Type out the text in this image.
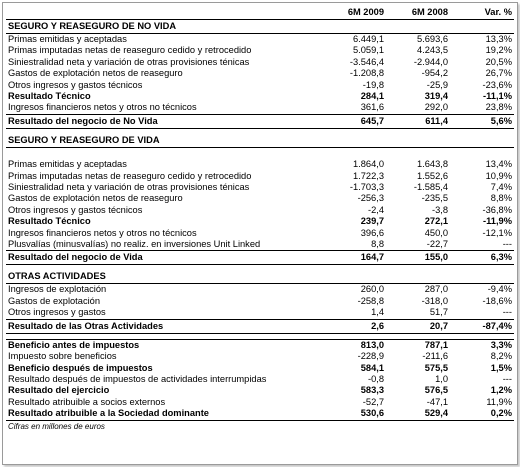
	6M 2009	6M 2008	Var. %
SEGURO Y REASEGURO DE NO VIDA			
Primas emitidas y aceptadas	6.449,1	5.693,6	13,3%
Primas imputadas netas de reaseguro cedido y retrocedido	5.059,1	4.243,5	19,2%
Siniestralidad neta y variación de otras provisiones ténicas	-3.546,4	-2.944,0	20,5%
Gastos de explotación netos de reaseguro	-1.208,8	-954,2	26,7%
Otros ingresos y gastos técnicos	-19,8	-25,9	-23,6%
Resultado Técnico	284,1	319,4	-11,1%
Ingresos financieros netos y otros no técnicos	361,6	292,0	23,8%
Resultado del negocio de No Vida	645,7	611,4	5,6%

SEGURO Y REASEGURO DE VIDA			

Primas emitidas y aceptadas	1.864,0	1.643,8	13,4%
Primas imputadas netas de reaseguro cedido y retrocedido	1.722,3	1.552,6	10,9%
Siniestralidad neta y variación de otras provisiones ténicas	-1.703,3	-1.585,4	7,4%
Gastos de explotación netos de reaseguro	-256,3	-235,5	8,8%
Otros ingresos y gastos técnicos	-2,4	-3,8	-36,8%
Resultado Técnico	239,7	272,1	-11,9%
Ingresos financieros netos y otros no técnicos	396,6	450,0	-12,1%
Plusvalías (minusvalías) no realiz. en inversiones Unit Linked	8,8	-22,7	---
Resultado del negocio de Vida	164,7	155,0	6,3%

OTRAS ACTIVIDADES			
Ingresos de explotación	260,0	287,0	-9,4%
Gastos de explotación	-258,8	-318,0	-18,6%
Otros ingresos y gastos	1,4	51,7	---
Resultado de las Otras Actividades	2,6	20,7	-87,4%

Beneficio antes de impuestos	813,0	787,1	3,3%
Impuesto sobre beneficios	-228,9	-211,6	8,2%
Beneficio después de impuestos	584,1	575,5	1,5%
Resultado después de impuestos de actividades interrumpidas	-0,8	1,0	---
Resultado del ejercicio	583,3	576,5	1,2%
Resultado atribuible a socios externos	-52,7	-47,1	11,9%
Resultado atribuible a la Sociedad dominante	530,6	529,4	0,2%
Cifras en millones de euros			
